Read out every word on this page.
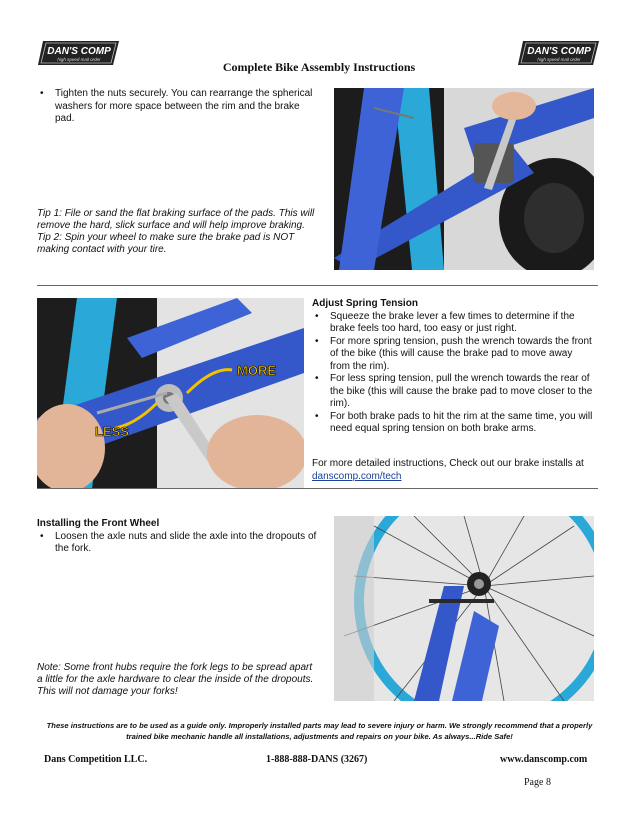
DAN'S COMP
high speed mail order
DAN'S COMP
high speed mail order
Complete Bike Assembly Instructions
• Tighten the nuts securely. You can rearrange the spherical washers for more space between the rim and the brake pad.
Tip 1: File or sand the flat braking surface of the pads. This will remove the hard, slick surface and will help improve braking.
Tip 2: Spin your wheel to make sure the brake pad is NOT making contact with your tire.
MORE
LESS
Adjust Spring Tension
• Squeeze the brake lever a few times to determine if the brake feels too hard, too easy or just right.
• For more spring tension, push the wrench towards the front of the bike (this will cause the brake pad to move away from the rim).
• For less spring tension, pull the wrench towards the rear of the bike (this will cause the brake pad to move closer to the rim).
• For both brake pads to hit the rim at the same time, you will need equal spring tension on both brake arms.
For more detailed instructions, Check out our brake installs at danscomp.com/tech
Installing the Front Wheel
• Loosen the axle nuts and slide the axle into the dropouts of the fork.
Note: Some front hubs require the fork legs to be spread apart a little for the axle hardware to clear the inside of the dropouts. This will not damage your forks!
These instructions are to be used as a guide only. Improperly installed parts may lead to severe injury or harm. We strongly recommend that a properly trained bike mechanic handle all installations, adjustments and repairs on your bike. As always...Ride Safe!
Dans Competition LLC.	1-888-888-DANS (3267)	www.danscomp.com
Page 8
